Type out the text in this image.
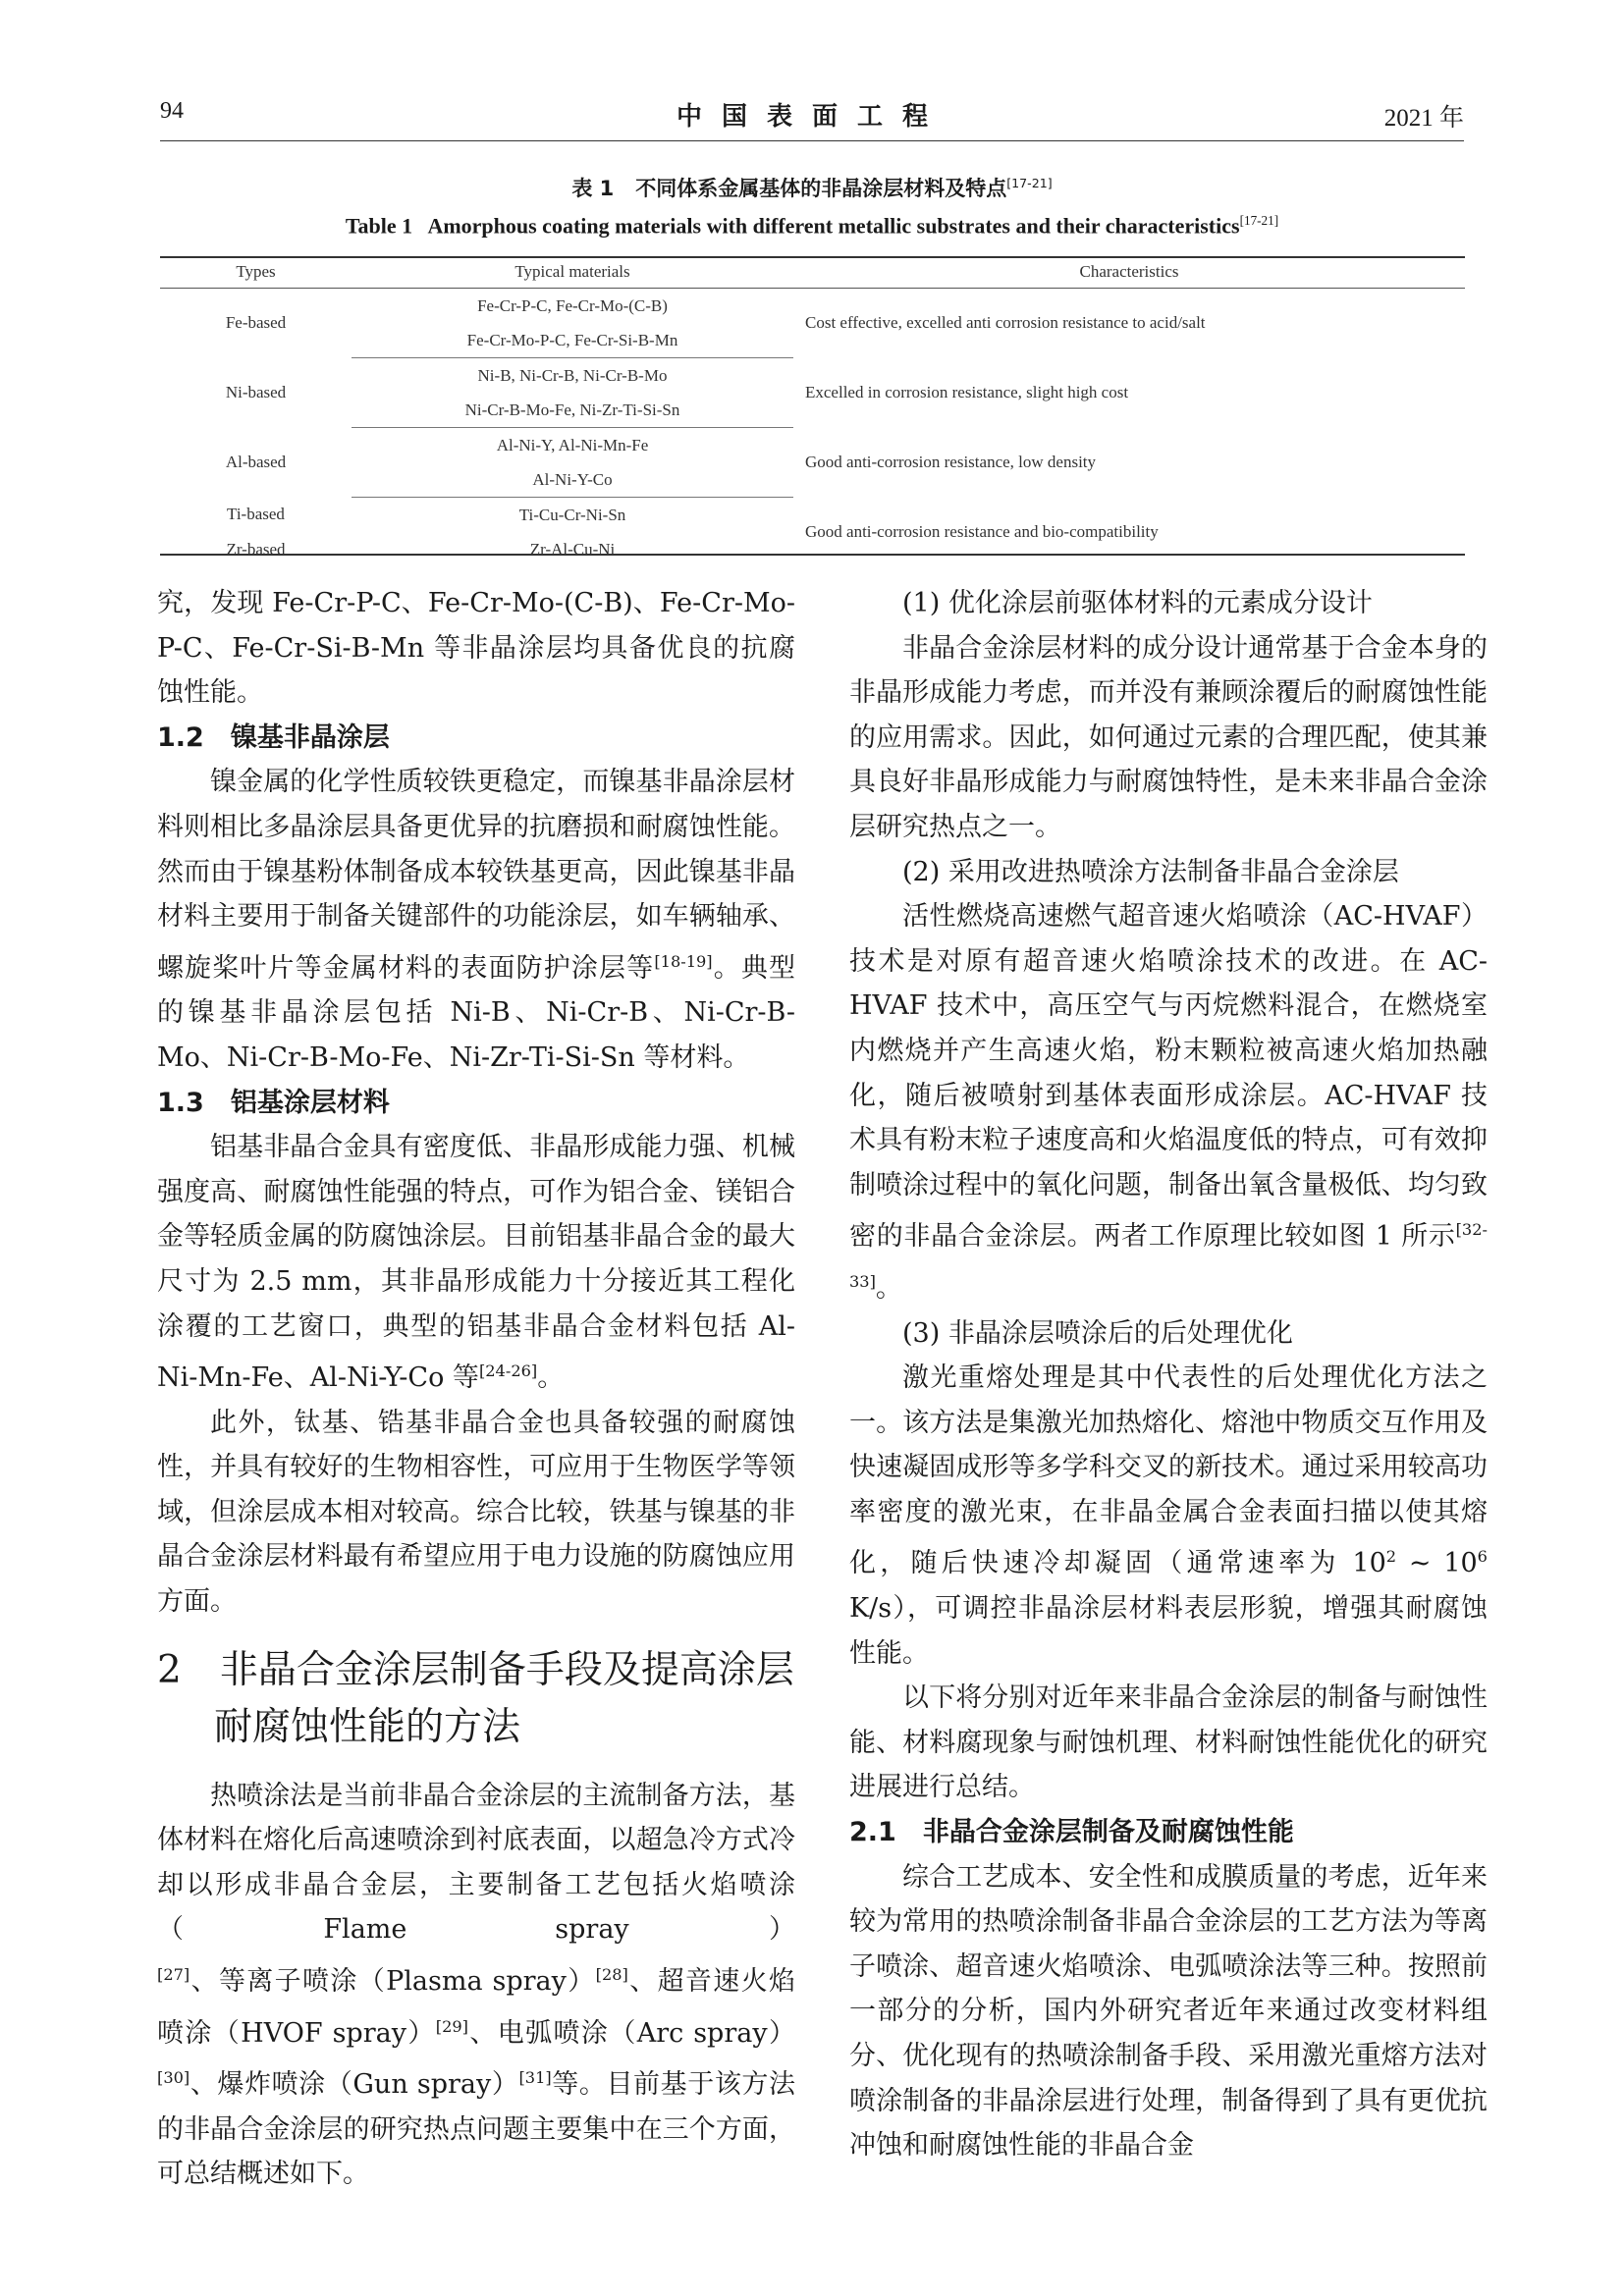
94	中国表面工程	2021 年
表 1 不同体系金属基体的非晶涂层材料及特点[17-21]
Table 1 Amorphous coating materials with different metallic substrates and their characteristics[17-21]
Types	Typical materials	Characteristics
Fe-based	Fe-Cr-P-C, Fe-Cr-Mo-(C-B)	Cost effective, excelled anti corrosion resistance to acid/salt
	Fe-Cr-Mo-P-C, Fe-Cr-Si-B-Mn	
Ni-based	Ni-B, Ni-Cr-B, Ni-Cr-B-Mo	Excelled in corrosion resistance, slight high cost
	Ni-Cr-B-Mo-Fe, Ni-Zr-Ti-Si-Sn	
Al-based	Al-Ni-Y, Al-Ni-Mn-Fe	Good anti-corrosion resistance, low density
	Al-Ni-Y-Co	
Ti-based	Ti-Cu-Cr-Ni-Sn	Good anti-corrosion resistance and bio-compatibility
Zr-based	Zr-Al-Cu-Ni	

究，发现 Fe-Cr-P-C、Fe-Cr-Mo-(C-B)、Fe-Cr-Mo-P-C、Fe-Cr-Si-B-Mn 等非晶涂层均具备优良的抗腐蚀性能。

1.2　镍基非晶涂层

镍金属的化学性质较铁更稳定，而镍基非晶涂层材料则相比多晶涂层具备更优异的抗磨损和耐腐蚀性能。然而由于镍基粉体制备成本较铁基更高，因此镍基非晶材料主要用于制备关键部件的功能涂层，如车辆轴承、螺旋桨叶片等金属材料的表面防护涂层等[18-19]。典型的镍基非晶涂层包括 Ni-B、Ni-Cr-B、Ni-Cr-B-Mo、Ni-Cr-B-Mo-Fe、Ni-Zr-Ti-Si-Sn 等材料。

1.3　铝基涂层材料

铝基非晶合金具有密度低、非晶形成能力强、机械强度高、耐腐蚀性能强的特点，可作为铝合金、镁铝合金等轻质金属的防腐蚀涂层。目前铝基非晶合金的最大尺寸为 2.5 mm，其非晶形成能力十分接近其工程化涂覆的工艺窗口，典型的铝基非晶合金材料包括 Al-Ni-Mn-Fe、Al-Ni-Y-Co 等[24-26]。

此外，钛基、锆基非晶合金也具备较强的耐腐蚀性，并具有较好的生物相容性，可应用于生物医学等领域，但涂层成本相对较高。综合比较，铁基与镍基的非晶合金涂层材料最有希望应用于电力设施的防腐蚀应用方面。

2　非晶合金涂层制备手段及提高涂层耐腐蚀性能的方法

热喷涂法是当前非晶合金涂层的主流制备方法，基体材料在熔化后高速喷涂到衬底表面，以超急冷方式冷却以形成非晶合金层，主要制备工艺包括火焰喷涂（Flame spray）[27]、等离子喷涂（Plasma spray）[28]、超音速火焰喷涂（HVOF spray）[29]、电弧喷涂（Arc spray）[30]、爆炸喷涂（Gun spray）[31]等。目前基于该方法的非晶合金涂层的研究热点问题主要集中在三个方面，可总结概述如下。

(1) 优化涂层前驱体材料的元素成分设计

非晶合金涂层材料的成分设计通常基于合金本身的非晶形成能力考虑，而并没有兼顾涂覆后的耐腐蚀性能的应用需求。因此，如何通过元素的合理匹配，使其兼具良好非晶形成能力与耐腐蚀特性，是未来非晶合金涂层研究热点之一。

(2) 采用改进热喷涂方法制备非晶合金涂层

活性燃烧高速燃气超音速火焰喷涂（AC-HVAF）技术是对原有超音速火焰喷涂技术的改进。在 AC-HVAF 技术中，高压空气与丙烷燃料混合，在燃烧室内燃烧并产生高速火焰，粉末颗粒被高速火焰加热融化，随后被喷射到基体表面形成涂层。AC-HVAF 技术具有粉末粒子速度高和火焰温度低的特点，可有效抑制喷涂过程中的氧化问题，制备出氧含量极低、均匀致密的非晶合金涂层。两者工作原理比较如图 1 所示[32-33]。

(3) 非晶涂层喷涂后的后处理优化

激光重熔处理是其中代表性的后处理优化方法之一。该方法是集激光加热熔化、熔池中物质交互作用及快速凝固成形等多学科交叉的新技术。通过采用较高功率密度的激光束，在非晶金属合金表面扫描以使其熔化，随后快速冷却凝固（通常速率为 $10^2$ ~ $10^6$ K/s），可调控非晶涂层材料表层形貌，增强其耐腐蚀性能。

以下将分别对近年来非晶合金涂层的制备与耐蚀性能、材料腐现象与耐蚀机理、材料耐蚀性能优化的研究进展进行总结。

2.1　非晶合金涂层制备及耐腐蚀性能

综合工艺成本、安全性和成膜质量的考虑，近年来较为常用的热喷涂制备非晶合金涂层的工艺方法为等离子喷涂、超音速火焰喷涂、电弧喷涂法等三种。按照前一部分的分析，国内外研究者近年来通过改变材料组分、优化现有的热喷涂制备手段、采用激光重熔方法对喷涂制备的非晶涂层进行处理，制备得到了具有更优抗冲蚀和耐腐蚀性能的非晶合金
